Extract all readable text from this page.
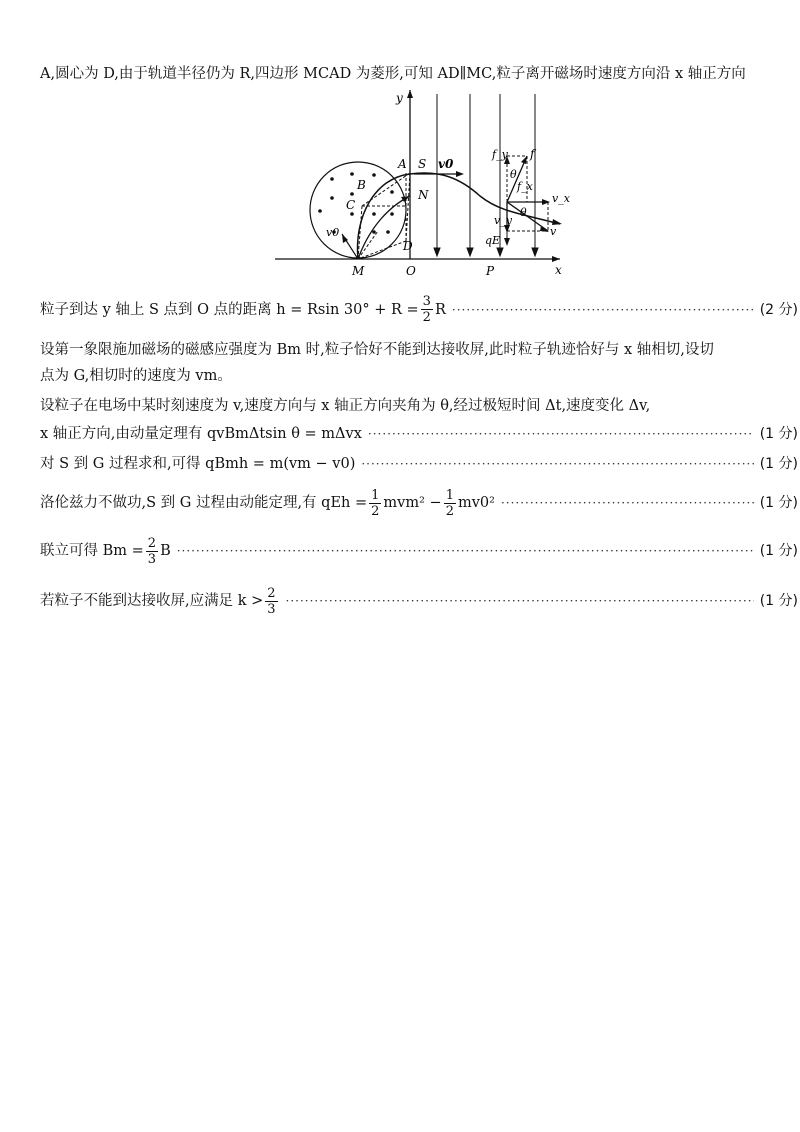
A,圆心为 D,由于轨道半径仍为 R,四边形 MCAD 为菱形,可知 AD∥MC,粒子离开磁场时速度方向沿 x 轴正方向
y
x
A S v0
B
N
C
D
v0
M	O	P
f_y f
θ
f_x
v_x
θ
v_y
qE
v
粒子到达 y 轴上 S 点到 O 点的距离 h = Rsin $30^\circ + R = \frac{3}{2}$ R ·····	(2 分)
设第一象限施加磁场的磁感应强度为 Bm 时,粒子恰好不能到达接收屏,此时粒子轨迹恰好与 x 轴相切,设切
点为 G,相切时的速度为 vm。
设粒子在电场中某时刻速度为 v,速度方向与 x 轴正方向夹角为 θ,经过极短时间 Δt,速度变化 Δv,
x 轴正方向,由动量定理有 qvBmΔtsin θ = mΔvx ·····	(1 分)
对 S 到 G 过程求和,可得 qBmh = m(vm − v0) ·····	(1 分)
洛伦兹力不做功,S 到 G 过程由动能定理,有 qEh = $\frac{1}{2} mvm^2 - \frac{1}{2} mv0^2$ ·····	(1 分)
联立可得 $Bm = \frac{2}{3}$ B ·····	(1 分)
若粒子不能到达接收屏,应满足 $k > \frac{2}{3}$ ·····	(1 分)
